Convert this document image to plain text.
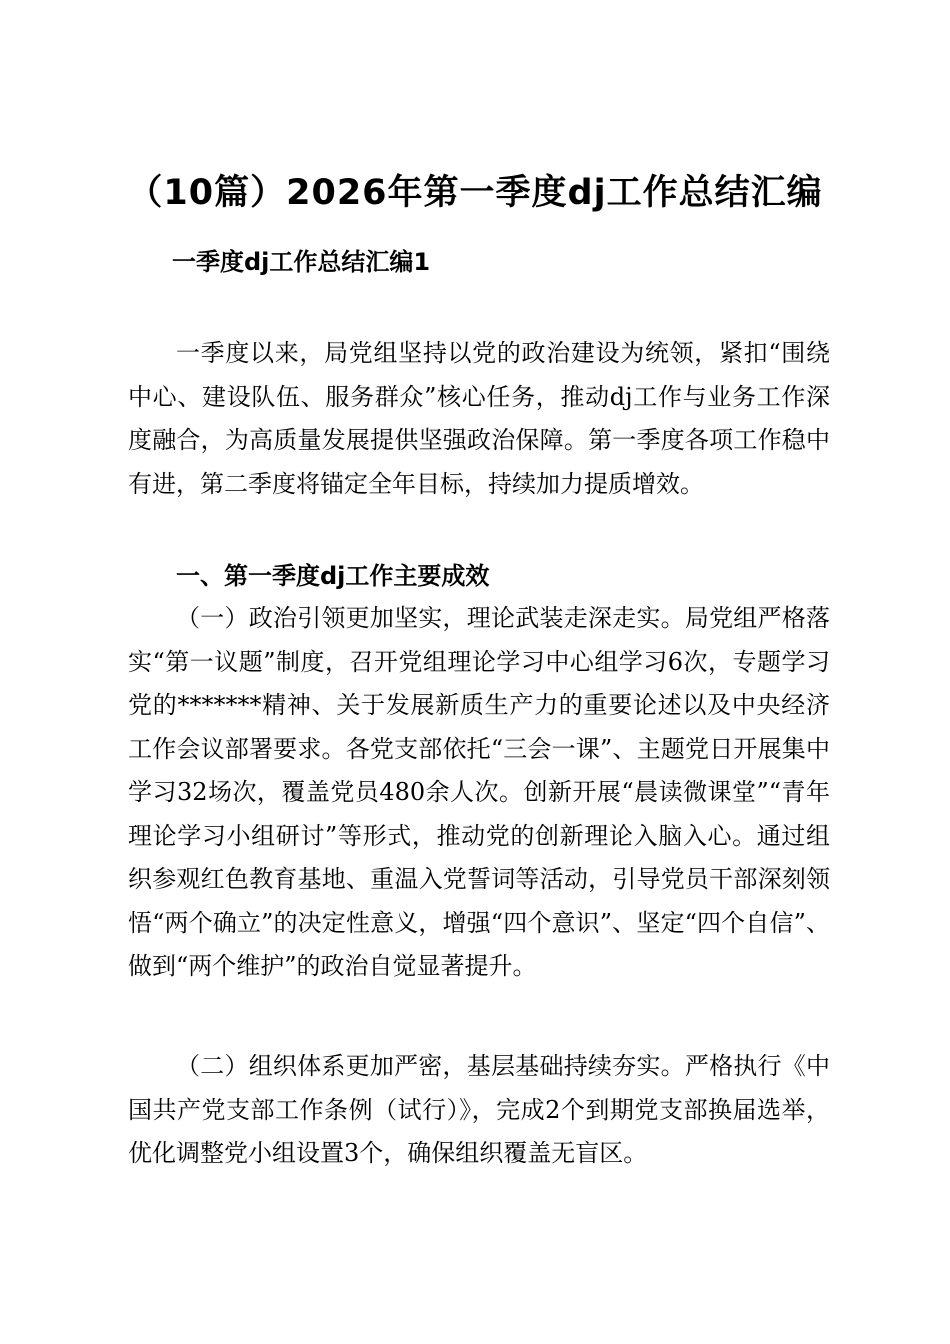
（10篇）2026年第一季度dj工作总结汇编
一季度dj工作总结汇编1

一季度以来，局党组坚持以党的政治建设为统领，紧扣“围绕中心、建设队伍、服务群众”核心任务，推动dj工作与业务工作深度融合，为高质量发展提供坚强政治保障。第一季度各项工作稳中有进，第二季度将锚定全年目标，持续加力提质增效。

一、第一季度dj工作主要成效

（一）政治引领更加坚实，理论武装走深走实。局党组严格落实“第一议题”制度，召开党组理论学习中心组学习6次，专题学习党的*******精神、关于发展新质生产力的重要论述以及中央经济工作会议部署要求。各党支部依托“三会一课”、主题党日开展集中学习32场次，覆盖党员480余人次。创新开展“晨读微课堂”“青年理论学习小组研讨”等形式，推动党的创新理论入脑入心。通过组织参观红色教育基地、重温入党誓词等活动，引导党员干部深刻领悟“两个确立”的决定性意义，增强“四个意识”、坚定“四个自信”、做到“两个维护”的政治自觉显著提升。

（二）组织体系更加严密，基层基础持续夯实。严格执行《中国共产党支部工作条例（试行）》，完成2个到期党支部换届选举，优化调整党小组设置3个，确保组织覆盖无盲区。
